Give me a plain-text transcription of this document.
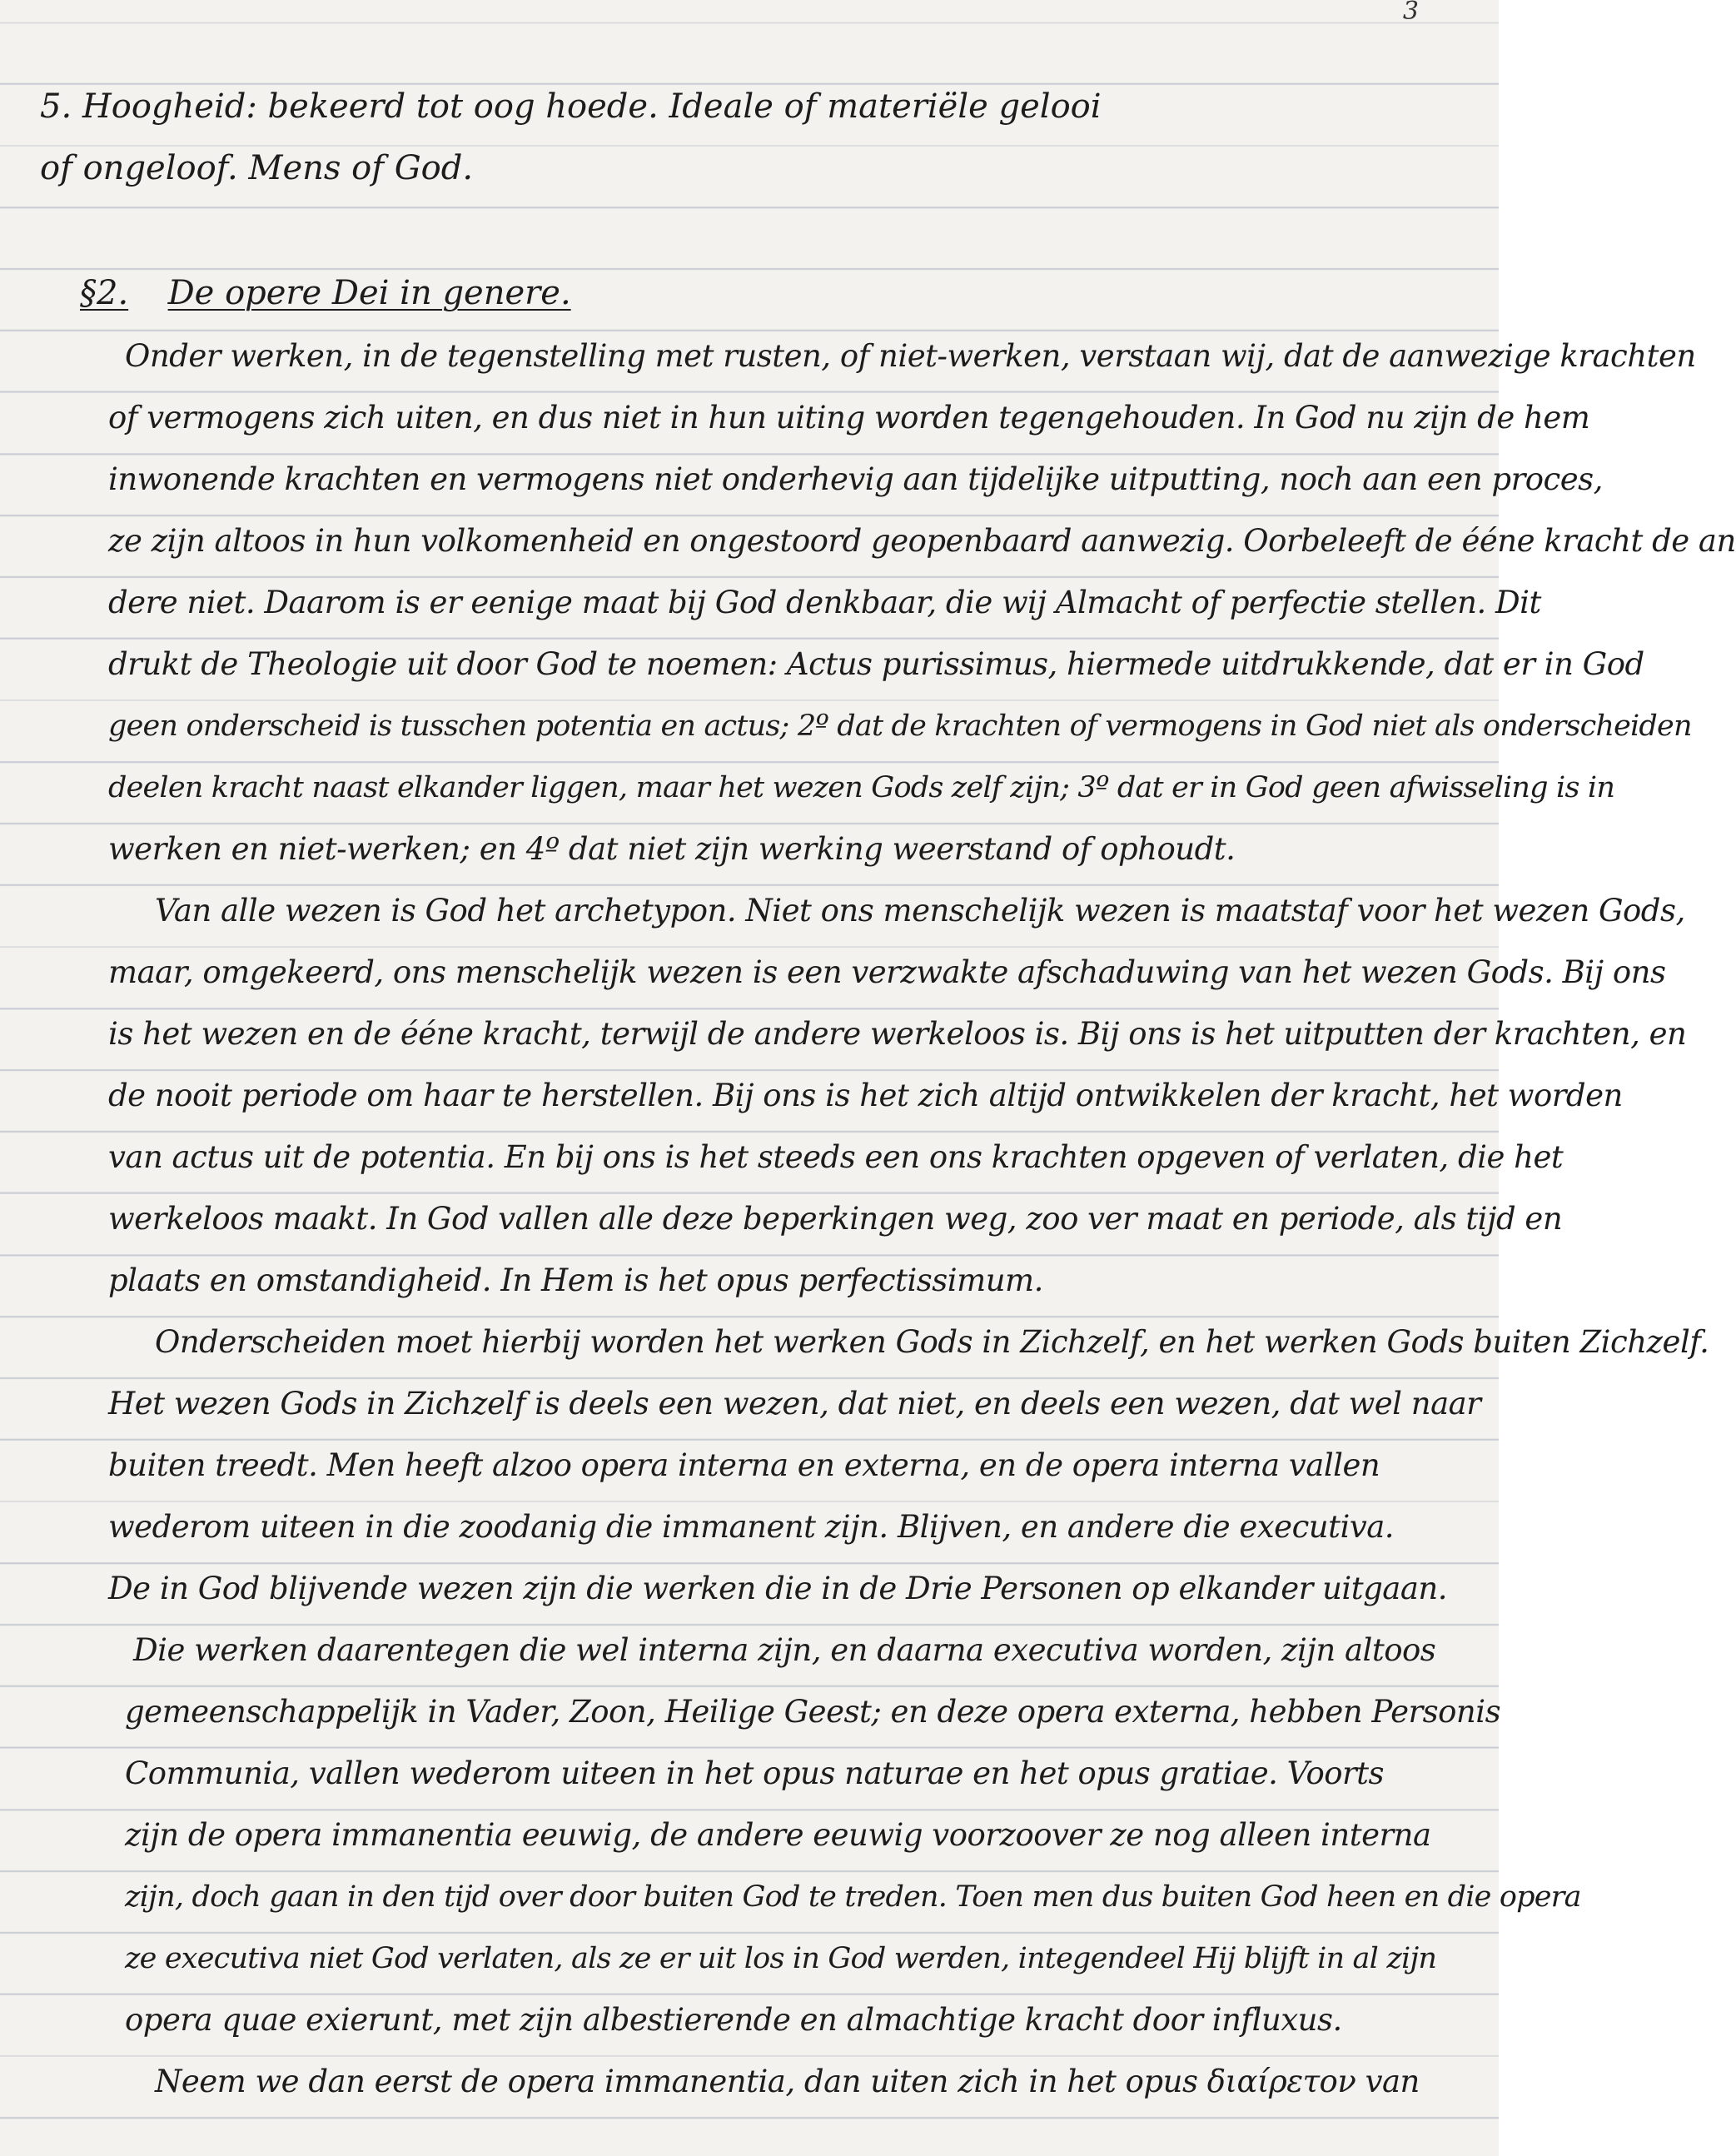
3
5. Hoogheid: bekeerd tot oog hoede. Ideale of materiële gelooi
of ongeloof. Mens of God.
§2. De opere Dei in genere.
Onder werken, in de tegenstelling met rusten, of niet-werken, verstaan wij, dat de aanwezige krachten
of vermogens zich uiten, en dus niet in hun uiting worden tegengehouden. In God nu zijn de hem
inwonende krachten en vermogens niet onderhevig aan tijdelijke uitputting, noch aan een proces,
ze zijn altoos in hun volkomenheid en ongestoord geopenbaard aanwezig. Oorbeleeft de ééne kracht de an
dere niet. Daarom is er eenige maat bij God denkbaar, die wij Almacht of perfectie stellen. Dit
drukt de Theologie uit door God te noemen: Actus purissimus, hiermede uitdrukkende, dat er in God
geen onderscheid is tusschen potentia en actus; 2º dat de krachten of vermogens in God niet als onderscheiden
deelen kracht naast elkander liggen, maar het wezen Gods zelf zijn; 3º dat er in God geen afwisseling is in
werken en niet-werken; en 4º dat niet zijn werking weerstand of ophoudt.
Van alle wezen is God het archetypon. Niet ons menschelijk wezen is maatstaf voor het wezen Gods,
maar, omgekeerd, ons menschelijk wezen is een verzwakte afschaduwing van het wezen Gods. Bij ons
is het wezen en de ééne kracht, terwijl de andere werkeloos is. Bij ons is het uitputten der krachten, en
de nooit periode om haar te herstellen. Bij ons is het zich altijd ontwikkelen der kracht, het worden
van actus uit de potentia. En bij ons is het steeds een ons krachten opgeven of verlaten, die het
werkeloos maakt. In God vallen alle deze beperkingen weg, zoo ver maat en periode, als tijd en
plaats en omstandigheid. In Hem is het opus perfectissimum.
Onderscheiden moet hierbij worden het werken Gods in Zichzelf, en het werken Gods buiten Zichzelf.
Het wezen Gods in Zichzelf is deels een wezen, dat niet, en deels een wezen, dat wel naar
buiten treedt. Men heeft alzoo opera interna en externa, en de opera interna vallen
wederom uiteen in die zoodanig die immanent zijn. Blijven, en andere die executiva.
De in God blijvende wezen zijn die werken die in de Drie Personen op elkander uitgaan.
Die werken daarentegen die wel interna zijn, en daarna executiva worden, zijn altoos
gemeenschappelijk in Vader, Zoon, Heilige Geest; en deze opera externa, hebben Personis
Communia, vallen wederom uiteen in het opus naturae en het opus gratiae. Voorts
zijn de opera immanentia eeuwig, de andere eeuwig voorzoover ze nog alleen interna
zijn, doch gaan in den tijd over door buiten God te treden. Toen men dus buiten God heen en die opera
ze executiva niet God verlaten, als ze er uit los in God werden, integendeel Hij blijft in al zijn
opera quae exierunt, met zijn albestierende en almachtige kracht door influxus.
Neem we dan eerst de opera immanentia, dan uiten zich in het opus διαίρετον van
